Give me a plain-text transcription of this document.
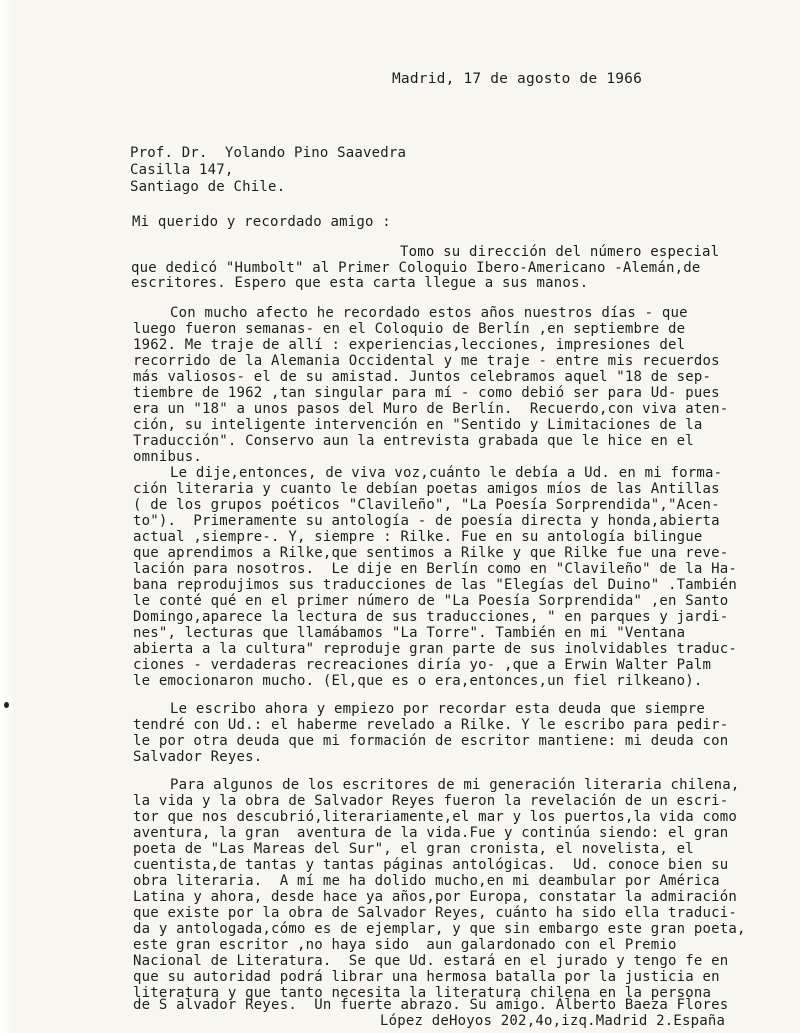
Madrid, 17 de agosto de 1966
Prof. Dr.  Yolando Pino Saavedra
Casilla 147,
Santiago de Chile.
Mi querido y recordado amigo :
Tomo su dirección del número especial
que dedicó "Humbolt" al Primer Coloquio Ibero-Americano -Alemán,de
escritores. Espero que esta carta llegue a sus manos.
Con mucho afecto he recordado estos años nuestros días - que
luego fueron semanas- en el Coloquio de Berlín ,en septiembre de
1962. Me traje de allí : experiencias,lecciones, impresiones del
recorrido de la Alemania Occidental y me traje - entre mis recuerdos
más valiosos- el de su amistad. Juntos celebramos aquel "18 de sep-
tiembre de 1962 ,tan singular para mí - como debió ser para Ud- pues
era un "18" a unos pasos del Muro de Berlín.  Recuerdo,con viva aten-
ción, su inteligente intervención en "Sentido y Limitaciones de la
Traducción". Conservo aun la entrevista grabada que le hice en el
omnibus.
Le dije,entonces, de viva voz,cuánto le debía a Ud. en mi forma-
ción literaria y cuanto le debían poetas amigos míos de las Antillas
( de los grupos poéticos "Clavileño", "La Poesía Sorprendida","Acen-
to").  Primeramente su antología - de poesía directa y honda,abierta
actual ,siempre-. Y, siempre : Rilke. Fue en su antología bilingue
que aprendimos a Rilke,que sentimos a Rilke y que Rilke fue una reve-
lación para nosotros.  Le dije en Berlín como en "Clavileño" de la Ha-
bana reprodujimos sus traducciones de las "Elegías del Duino" .También
le conté qué en el primer número de "La Poesía Sorprendida" ,en Santo
Domingo,aparece la lectura de sus traducciones, " en parques y jardi-
nes", lecturas que llamábamos "La Torre". También en mi "Ventana
abierta a la cultura" reproduje gran parte de sus inolvidables traduc-
ciones - verdaderas recreaciones diría yo- ,que a Erwin Walter Palm
le emocionaron mucho. (El,que es o era,entonces,un fiel rilkeano).
Le escribo ahora y empiezo por recordar esta deuda que siempre
tendré con Ud.: el haberme revelado a Rilke. Y le escribo para pedir-
le por otra deuda que mi formación de escritor mantiene: mi deuda con
Salvador Reyes.
Para algunos de los escritores de mi generación literaria chilena,
la vida y la obra de Salvador Reyes fueron la revelación de un escri-
tor que nos descubrió,literariamente,el mar y los puertos,la vida como
aventura, la gran  aventura de la vida.Fue y continúa siendo: el gran
poeta de "Las Mareas del Sur", el gran cronista, el novelista, el
cuentista,de tantas y tantas páginas antológicas.  Ud. conoce bien su
obra literaria.  A mí me ha dolido mucho,en mi deambular por América
Latina y ahora, desde hace ya años,por Europa, constatar la admiración
que existe por la obra de Salvador Reyes, cuánto ha sido ella traduci-
da y antologada,cómo es de ejemplar, y que sin embargo este gran poeta,
este gran escritor ,no haya sido  aun galardonado con el Premio
Nacional de Literatura.  Se que Ud. estará en el jurado y tengo fe en
que su autoridad podrá librar una hermosa batalla por la justicia en
literatura y que tanto necesita la literatura chilena en la persona
de S alvador Reyes.  Un fuerte abrazo. Su amigo. Alberto Baeza Flores
López deHoyos 202,4o,izq.Madrid 2.España
